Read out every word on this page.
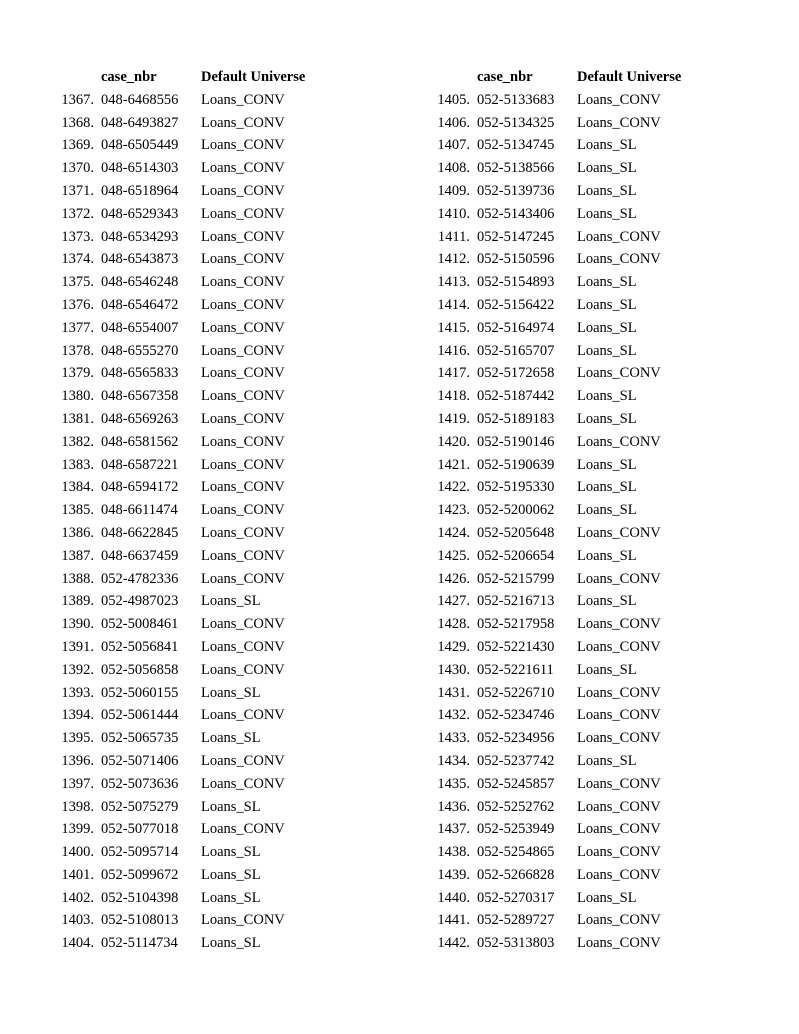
case_nbr	Default Universe
1367. 048-6468556 Loans_CONV
1368. 048-6493827 Loans_CONV
1369. 048-6505449 Loans_CONV
1370. 048-6514303 Loans_CONV
1371. 048-6518964 Loans_CONV
1372. 048-6529343 Loans_CONV
1373. 048-6534293 Loans_CONV
1374. 048-6543873 Loans_CONV
1375. 048-6546248 Loans_CONV
1376. 048-6546472 Loans_CONV
1377. 048-6554007 Loans_CONV
1378. 048-6555270 Loans_CONV
1379. 048-6565833 Loans_CONV
1380. 048-6567358 Loans_CONV
1381. 048-6569263 Loans_CONV
1382. 048-6581562 Loans_CONV
1383. 048-6587221 Loans_CONV
1384. 048-6594172 Loans_CONV
1385. 048-6611474 Loans_CONV
1386. 048-6622845 Loans_CONV
1387. 048-6637459 Loans_CONV
1388. 052-4782336 Loans_CONV
1389. 052-4987023 Loans_SL
1390. 052-5008461 Loans_CONV
1391. 052-5056841 Loans_CONV
1392. 052-5056858 Loans_CONV
1393. 052-5060155 Loans_SL
1394. 052-5061444 Loans_CONV
1395. 052-5065735 Loans_SL
1396. 052-5071406 Loans_CONV
1397. 052-5073636 Loans_CONV
1398. 052-5075279 Loans_SL
1399. 052-5077018 Loans_CONV
1400. 052-5095714 Loans_SL
1401. 052-5099672 Loans_SL
1402. 052-5104398 Loans_SL
1403. 052-5108013 Loans_CONV
1404. 052-5114734 Loans_SL
case_nbr	Default Universe
1405. 052-5133683 Loans_CONV
1406. 052-5134325 Loans_CONV
1407. 052-5134745 Loans_SL
1408. 052-5138566 Loans_SL
1409. 052-5139736 Loans_SL
1410. 052-5143406 Loans_SL
1411. 052-5147245 Loans_CONV
1412. 052-5150596 Loans_CONV
1413. 052-5154893 Loans_SL
1414. 052-5156422 Loans_SL
1415. 052-5164974 Loans_SL
1416. 052-5165707 Loans_SL
1417. 052-5172658 Loans_CONV
1418. 052-5187442 Loans_SL
1419. 052-5189183 Loans_SL
1420. 052-5190146 Loans_CONV
1421. 052-5190639 Loans_SL
1422. 052-5195330 Loans_SL
1423. 052-5200062 Loans_SL
1424. 052-5205648 Loans_CONV
1425. 052-5206654 Loans_SL
1426. 052-5215799 Loans_CONV
1427. 052-5216713 Loans_SL
1428. 052-5217958 Loans_CONV
1429. 052-5221430 Loans_CONV
1430. 052-5221611 Loans_SL
1431. 052-5226710 Loans_CONV
1432. 052-5234746 Loans_CONV
1433. 052-5234956 Loans_CONV
1434. 052-5237742 Loans_SL
1435. 052-5245857 Loans_CONV
1436. 052-5252762 Loans_CONV
1437. 052-5253949 Loans_CONV
1438. 052-5254865 Loans_CONV
1439. 052-5266828 Loans_CONV
1440. 052-5270317 Loans_SL
1441. 052-5289727 Loans_CONV
1442. 052-5313803 Loans_CONV
